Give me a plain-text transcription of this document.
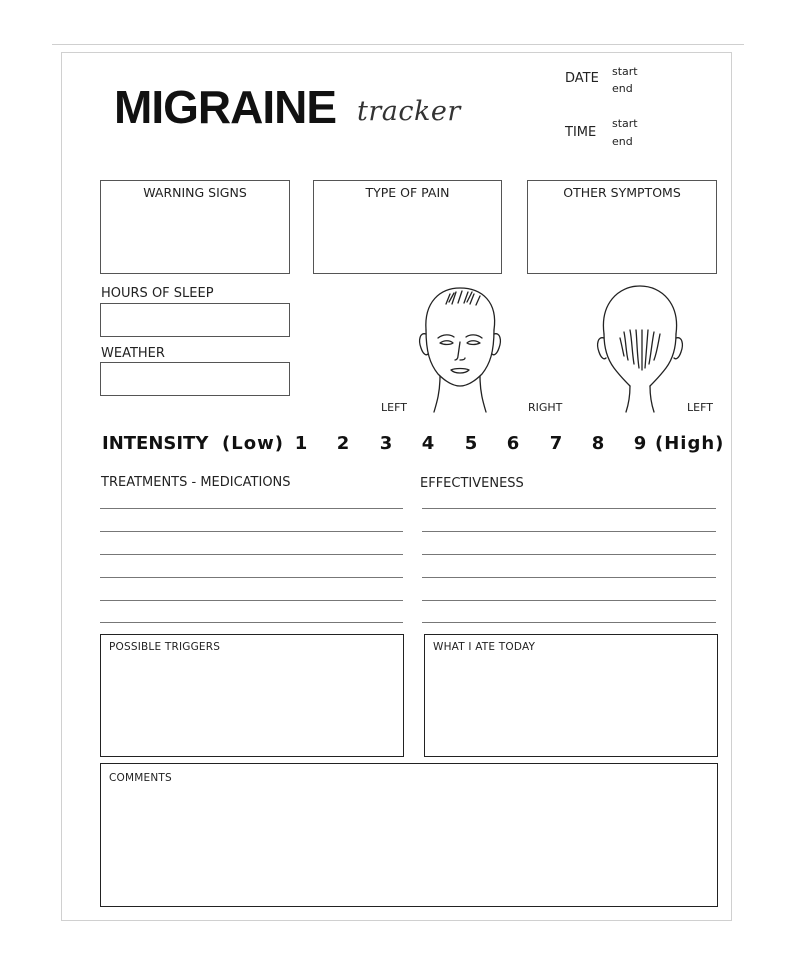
MIGRAINE tracker
DATE start
end
TIME
start
end
WARNING SIGNS	TYPE OF PAIN	OTHER SYMPTOMS
HOURS OF SLEEP
WEATHER
LEFT	RIGHT	LEFT
INTENSITY (Low) 1 2 3 4 5 6 7 8 9 (High)
TREATMENTS - MEDICATIONS	EFFECTIVENESS
POSSIBLE TRIGGERS	WHAT I ATE TODAY
COMMENTS
